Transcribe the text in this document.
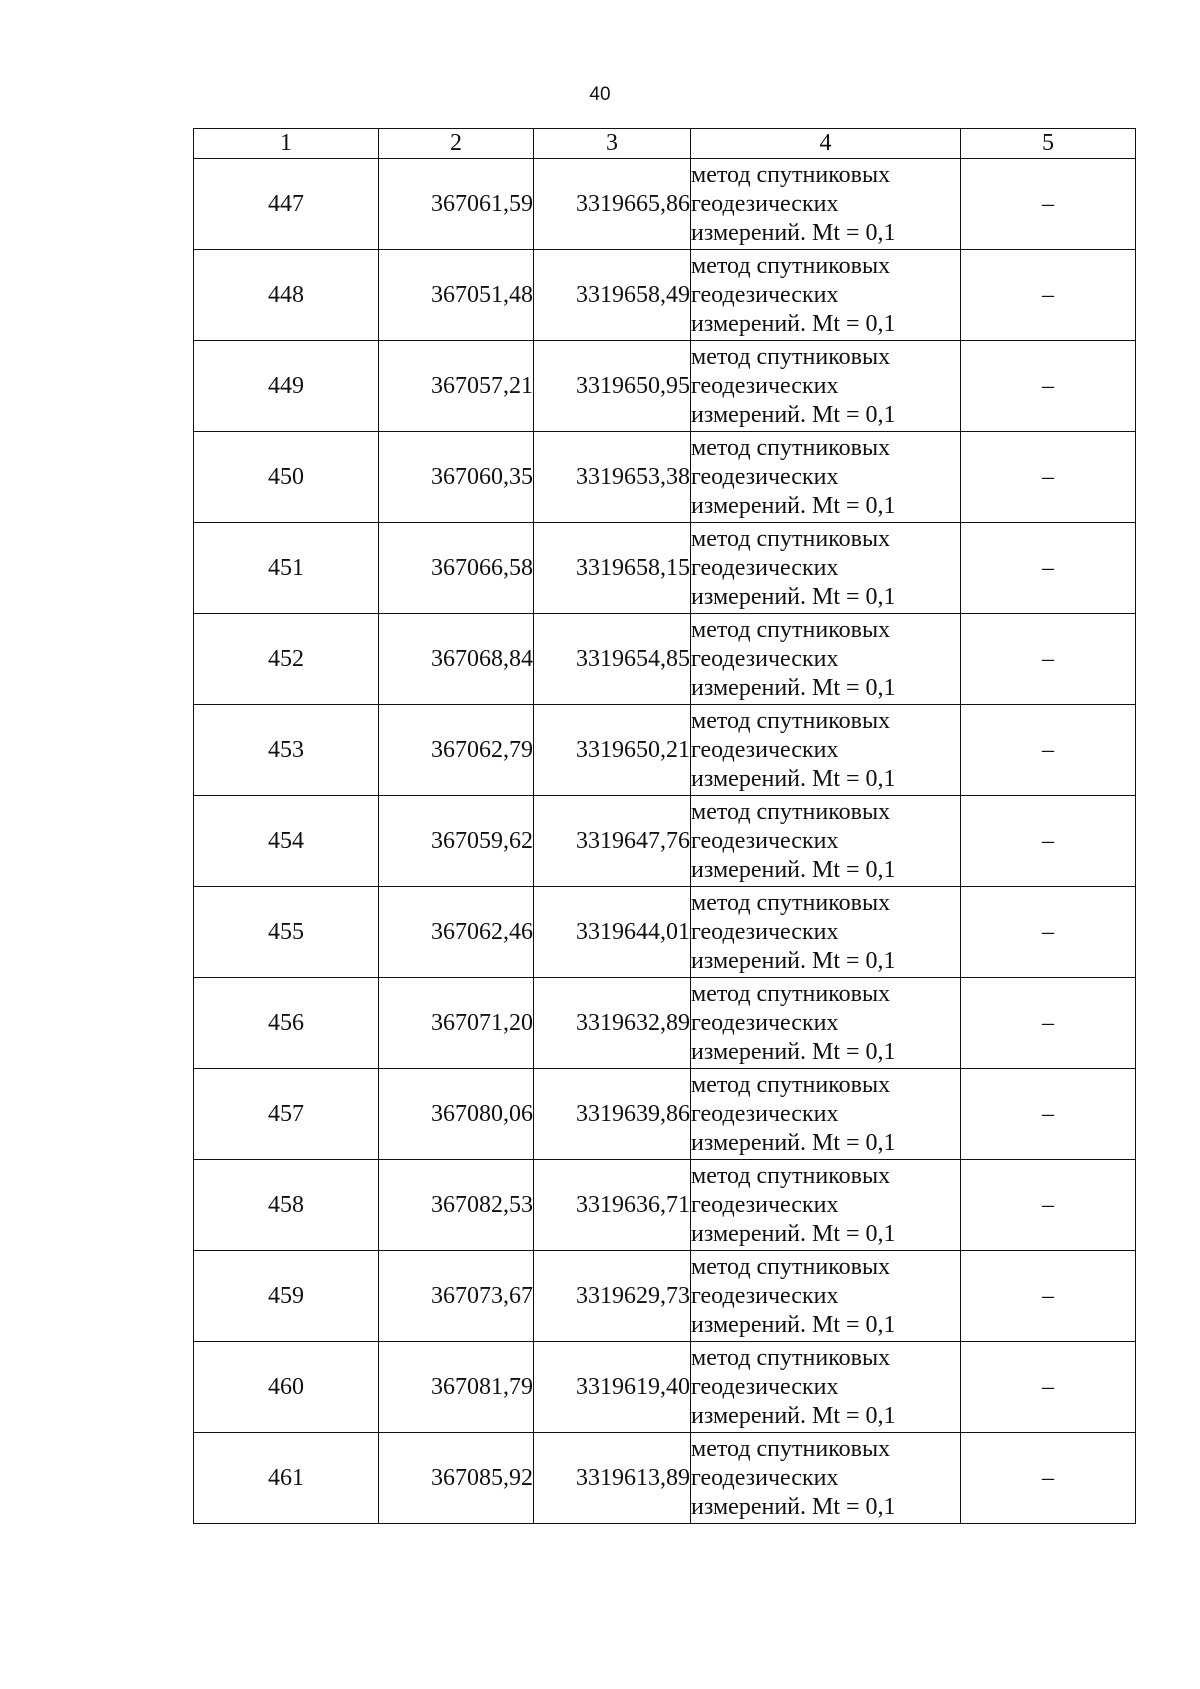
40
1	2	3	4	5
447	367061,59	3319665,86	метод спутниковых
геодезических
измерений. Mt = 0,1	–
448	367051,48	3319658,49	метод спутниковых
геодезических
измерений. Mt = 0,1	–
449	367057,21	3319650,95	метод спутниковых
геодезических
измерений. Mt = 0,1	–
450	367060,35	3319653,38	метод спутниковых
геодезических
измерений. Mt = 0,1	–
451	367066,58	3319658,15	метод спутниковых
геодезических
измерений. Mt = 0,1	–
452	367068,84	3319654,85	метод спутниковых
геодезических
измерений. Mt = 0,1	–
453	367062,79	3319650,21	метод спутниковых
геодезических
измерений. Mt = 0,1	–
454	367059,62	3319647,76	метод спутниковых
геодезических
измерений. Mt = 0,1	–
455	367062,46	3319644,01	метод спутниковых
геодезических
измерений. Mt = 0,1	–
456	367071,20	3319632,89	метод спутниковых
геодезических
измерений. Mt = 0,1	–
457	367080,06	3319639,86	метод спутниковых
геодезических
измерений. Mt = 0,1	–
458	367082,53	3319636,71	метод спутниковых
геодезических
измерений. Mt = 0,1	–
459	367073,67	3319629,73	метод спутниковых
геодезических
измерений. Mt = 0,1	–
460	367081,79	3319619,40	метод спутниковых
геодезических
измерений. Mt = 0,1	–
461	367085,92	3319613,89	метод спутниковых
геодезических
измерений. Mt = 0,1	–
